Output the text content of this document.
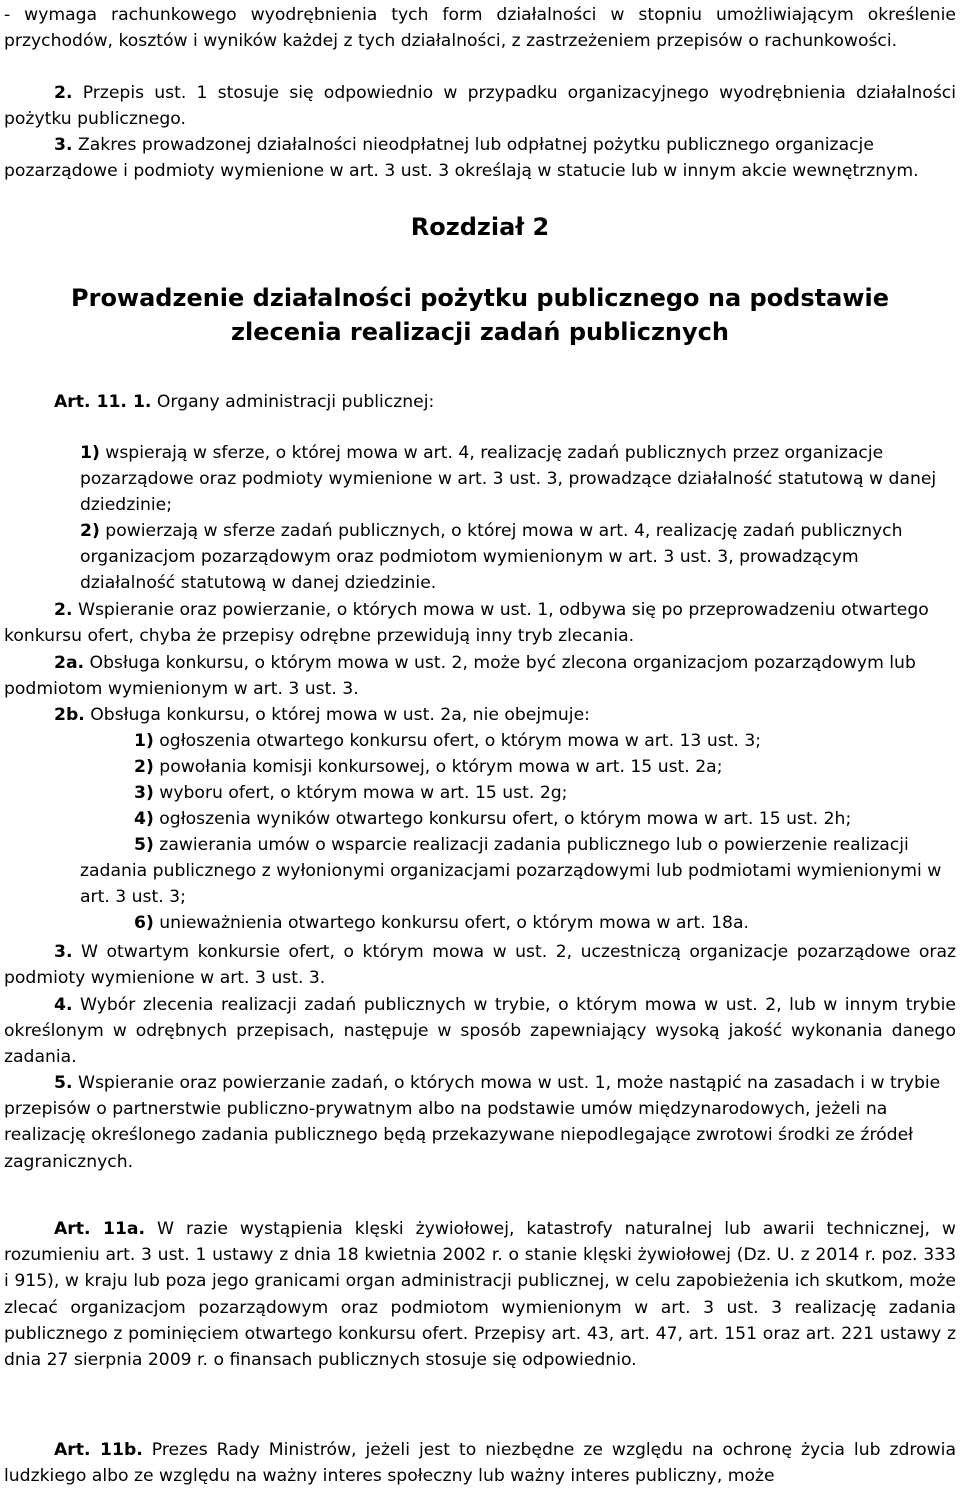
- wymaga rachunkowego wyodrębnienia tych form działalności w stopniu umożliwiającym określenie przychodów, kosztów i wyników każdej z tych działalności, z zastrzeżeniem przepisów o rachunkowości.

2. Przepis ust. 1 stosuje się odpowiednio w przypadku organizacyjnego wyodrębnienia działalności pożytku publicznego.

3. Zakres prowadzonej działalności nieodpłatnej lub odpłatnej pożytku publicznego organizacje pozarządowe i podmioty wymienione w art. 3 ust. 3 określają w statucie lub w innym akcie wewnętrznym.

Rozdział 2
Prowadzenie działalności pożytku publicznego na podstawie
zlecenia realizacji zadań publicznych

Art. 11. 1. Organy administracji publicznej:

1) wspierają w sferze, o której mowa w art. 4, realizację zadań publicznych przez organizacje pozarządowe oraz podmioty wymienione w art. 3 ust. 3, prowadzące działalność statutową w danej dziedzinie;

2) powierzają w sferze zadań publicznych, o której mowa w art. 4, realizację zadań publicznych organizacjom pozarządowym oraz podmiotom wymienionym w art. 3 ust. 3, prowadzącym działalność statutową w danej dziedzinie.

2. Wspieranie oraz powierzanie, o których mowa w ust. 1, odbywa się po przeprowadzeniu otwartego konkursu ofert, chyba że przepisy odrębne przewidują inny tryb zlecania.

2a. Obsługa konkursu, o którym mowa w ust. 2, może być zlecona organizacjom pozarządowym lub podmiotom wymienionym w art. 3 ust. 3.

2b. Obsługa konkursu, o której mowa w ust. 2a, nie obejmuje:

1) ogłoszenia otwartego konkursu ofert, o którym mowa w art. 13 ust. 3;

2) powołania komisji konkursowej, o którym mowa w art. 15 ust. 2a;

3) wyboru ofert, o którym mowa w art. 15 ust. 2g;

4) ogłoszenia wyników otwartego konkursu ofert, o którym mowa w art. 15 ust. 2h;

5) zawierania umów o wsparcie realizacji zadania publicznego lub o powierzenie realizacji zadania publicznego z wyłonionymi organizacjami pozarządowymi lub podmiotami wymienionymi w art. 3 ust. 3;

6) unieważnienia otwartego konkursu ofert, o którym mowa w art. 18a.

3. W otwartym konkursie ofert, o którym mowa w ust. 2, uczestniczą organizacje pozarządowe oraz podmioty wymienione w art. 3 ust. 3.

4. Wybór zlecenia realizacji zadań publicznych w trybie, o którym mowa w ust. 2, lub w innym trybie określonym w odrębnych przepisach, następuje w sposób zapewniający wysoką jakość wykonania danego zadania.

5. Wspieranie oraz powierzanie zadań, o których mowa w ust. 1, może nastąpić na zasadach i w trybie przepisów o partnerstwie publiczno-prywatnym albo na podstawie umów międzynarodowych, jeżeli na realizację określonego zadania publicznego będą przekazywane niepodlegające zwrotowi środki ze źródeł zagranicznych.

Art. 11a. W razie wystąpienia klęski żywiołowej, katastrofy naturalnej lub awarii technicznej, w rozumieniu art. 3 ust. 1 ustawy z dnia 18 kwietnia 2002 r. o stanie klęski żywiołowej (Dz. U. z 2014 r. poz. 333 i 915), w kraju lub poza jego granicami organ administracji publicznej, w celu zapobieżenia ich skutkom, może zlecać organizacjom pozarządowym oraz podmiotom wymienionym w art. 3 ust. 3 realizację zadania publicznego z pominięciem otwartego konkursu ofert. Przepisy art. 43, art. 47, art. 151 oraz art. 221 ustawy z dnia 27 sierpnia 2009 r. o finansach publicznych stosuje się odpowiednio.

Art. 11b. Prezes Rady Ministrów, jeżeli jest to niezbędne ze względu na ochronę życia lub zdrowia ludzkiego albo ze względu na ważny interes społeczny lub ważny interes publiczny, może
